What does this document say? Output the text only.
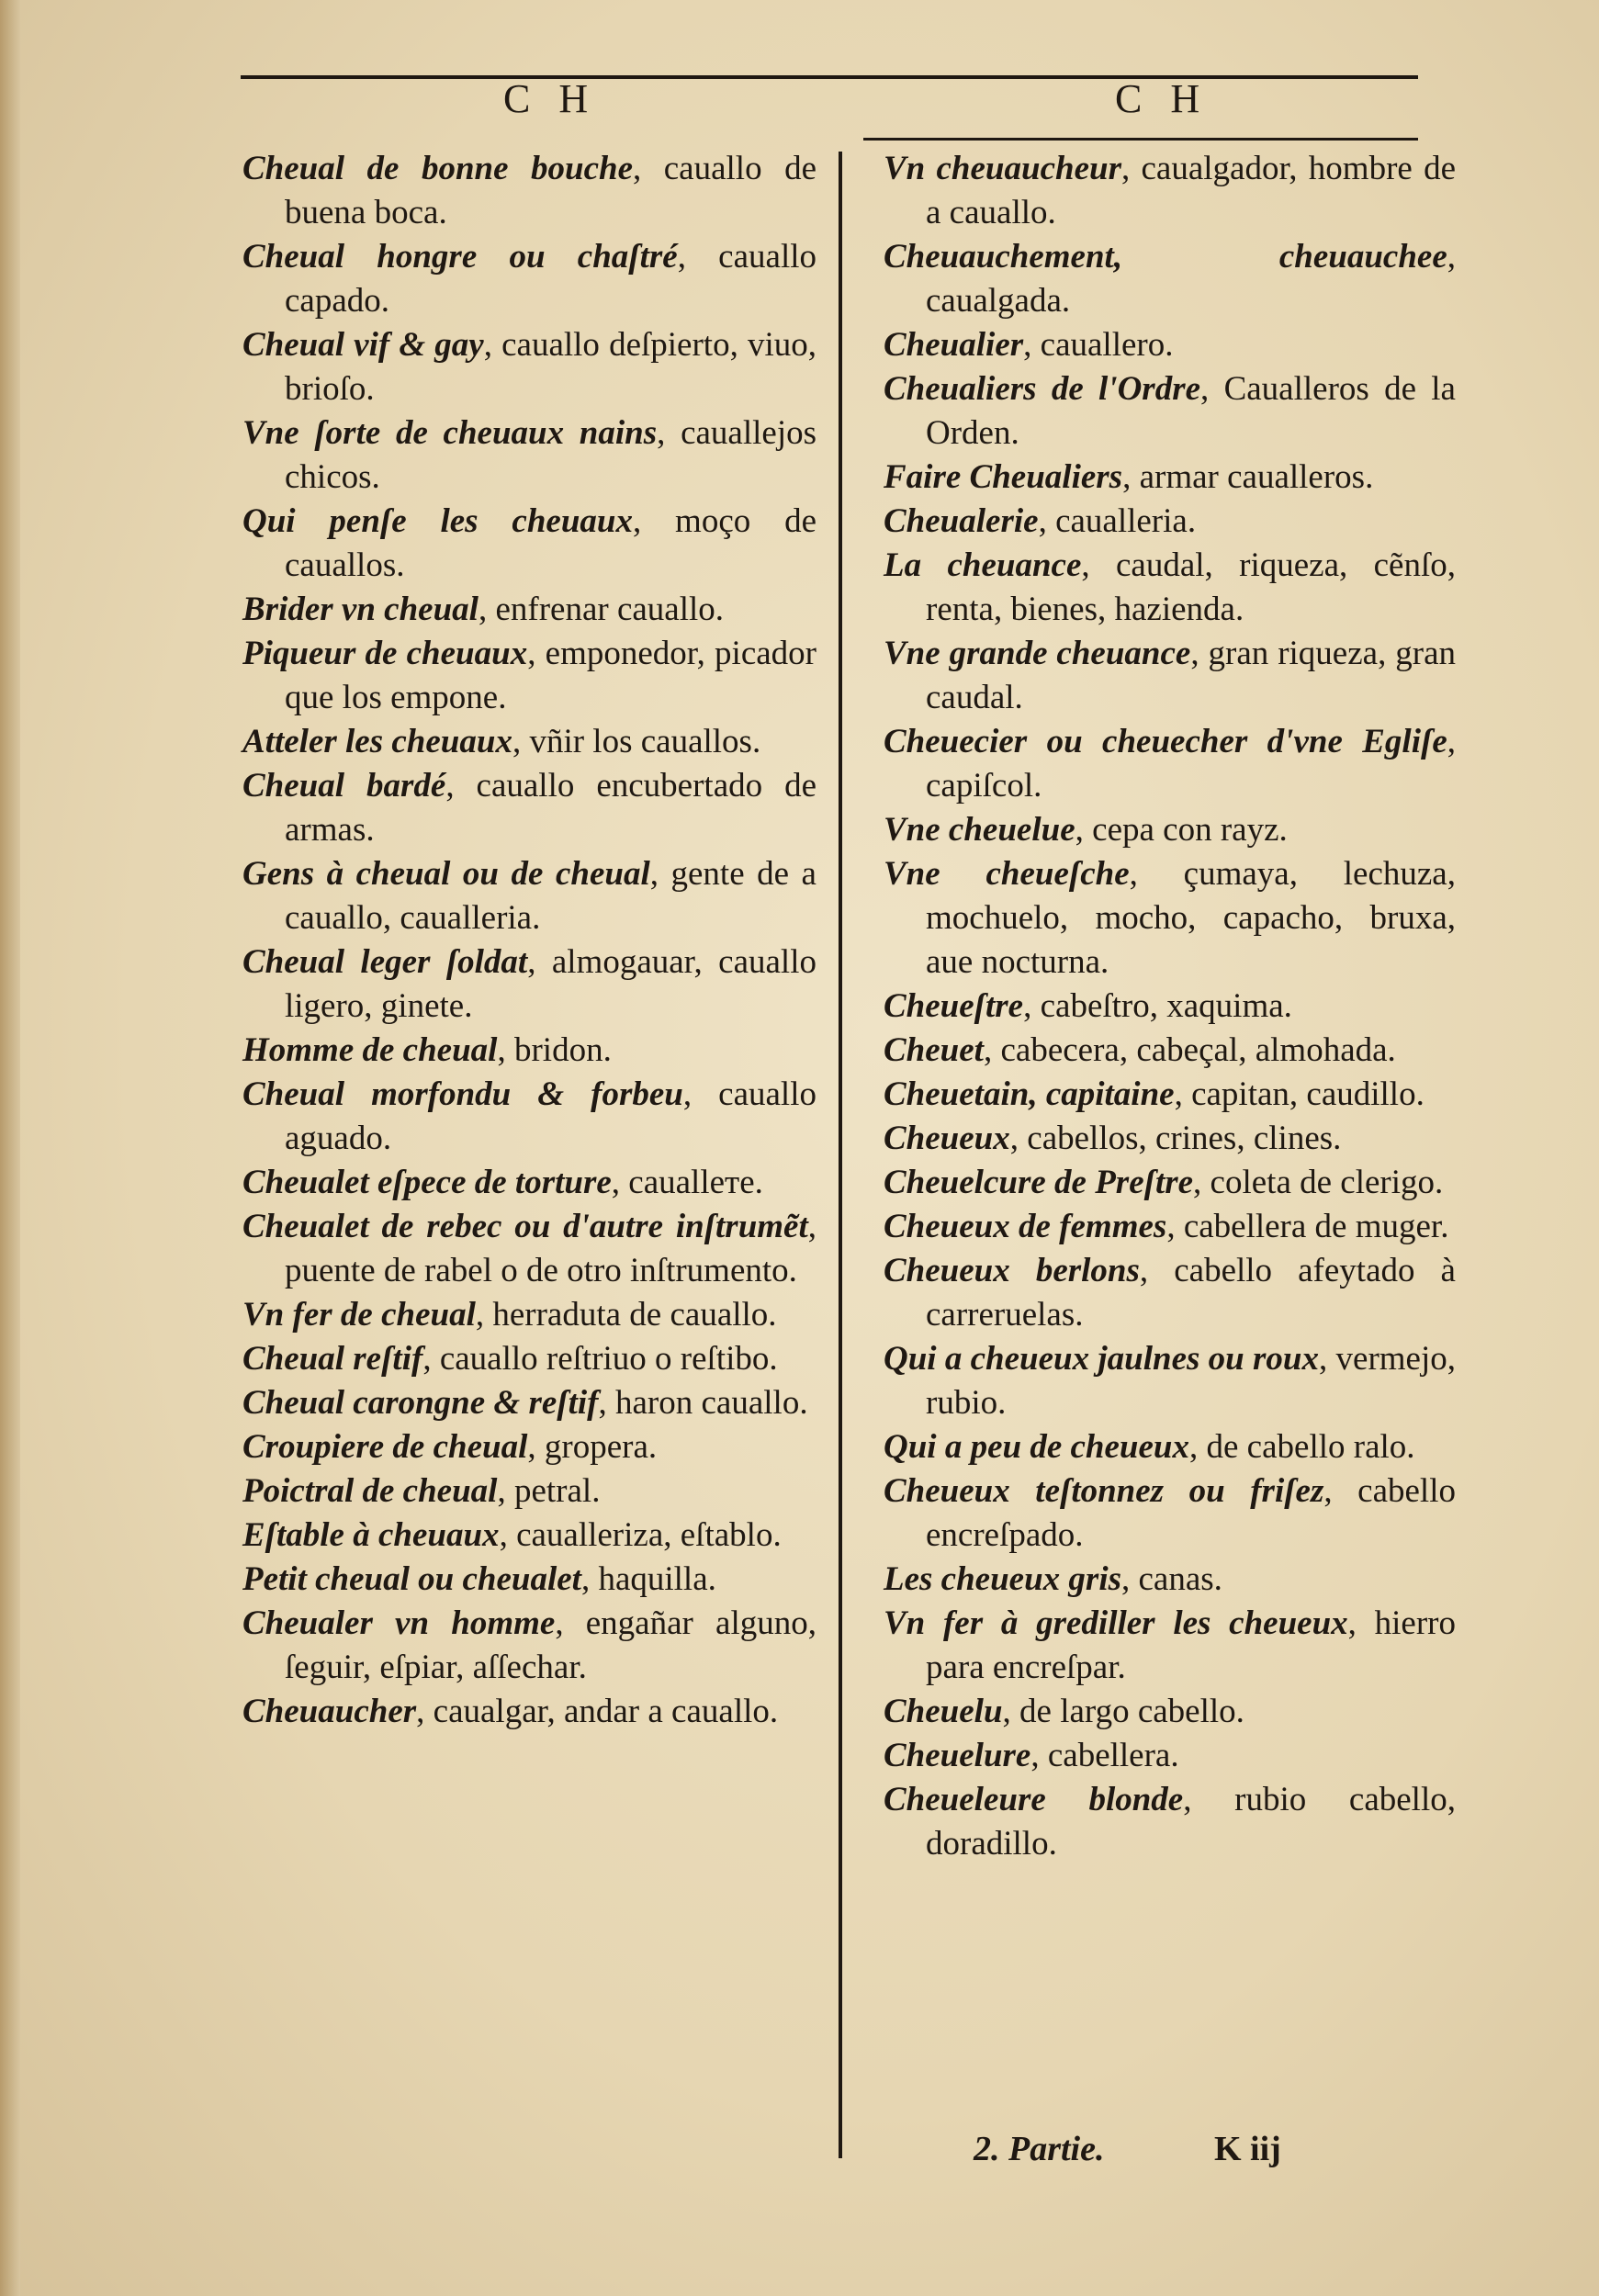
C H	C H

Cheual de bonne bouche, cauallo de buena boca.

Cheual hongre ou chaſtré, cauallo capado.

Cheual vif & gay, cauallo deſpierto, viuo, brioſo.

Vne ſorte de cheuaux nains, cauallejos chicos.

Qui penſe les cheuaux, moço de cauallos.

Brider vn cheual, enfrenar cauallo.

Piqueur de cheuaux, emponedor, picador que los empone.

Atteler les cheuaux, vñir los cauallos.

Cheual bardé, cauallo encubertado de armas.

Gens à cheual ou de cheual, gente de a cauallo, caualleria.

Cheual leger ſoldat, almogauar, cauallo ligero, ginete.

Homme de cheual, bridon.

Cheual morfondu & forbeu, cauallo aguado.

Cheualet eſpece de torture, caualleте.

Cheualet de rebec ou d'autre inſtrumẽt, puente de rabel o de otro inſtrumento.

Vn fer de cheual, herraduta de cauallo.

Cheual reſtif, cauallo reſtriuo o reſtibo.

Cheual carongne & reſtif, haron cauallo.

Croupiere de cheual, gropera.

Poictral de cheual, petral.

Eſtable à cheuaux, caualleriza, eſtablo.

Petit cheual ou cheualet, haquilla.

Cheualer vn homme, engañar alguno, ſeguir, eſpiar, aſſechar.

Cheuaucher, caualgar, andar a cauallo.

Vn cheuaucheur, caualgador, hombre de a cauallo.

Cheuauchement, cheuauchee, caualgada.

Cheualier, cauallero.

Cheualiers de l'Ordre, Caualleros de la Orden.

Faire Cheualiers, armar caualleros.

Cheualerie, caualleria.

La cheuance, caudal, riqueza, cẽnſo, renta, bienes, hazienda.

Vne grande cheuance, gran riqueza, gran caudal.

Cheuecier ou cheuecher d'vne Egliſe, capiſcol.

Vne cheuelue, cepa con rayz.

Vne cheueſche, çumaya, lechuza, mochuelo, mocho, capacho, bruxa, aue nocturna.

Cheueſtre, cabeſtro, xaquima.

Cheuet, cabecera, cabeçal, almohada.

Cheuetain, capitaine, capitan, caudillo.

Cheueux, cabellos, crines, clines.

Cheuelcure de Preſtre, coleta de clerigo.

Cheueux de femmes, cabellera de muger.

Cheueux berlons, cabello afeytado à carreruelas.

Qui a cheueux jaulnes ou roux, vermejo, rubio.

Qui a peu de cheueux, de cabello ralo.

Cheueux teſtonnez ou friſez, cabello encreſpado.

Les cheueux gris, canas.

Vn fer à grediller les cheueux, hierro para encreſpar.

Cheuelu, de largo cabello.

Cheuelure, cabellera.

Cheueleure blonde, rubio cabello, doradillo.

2. Partie.	K iij
